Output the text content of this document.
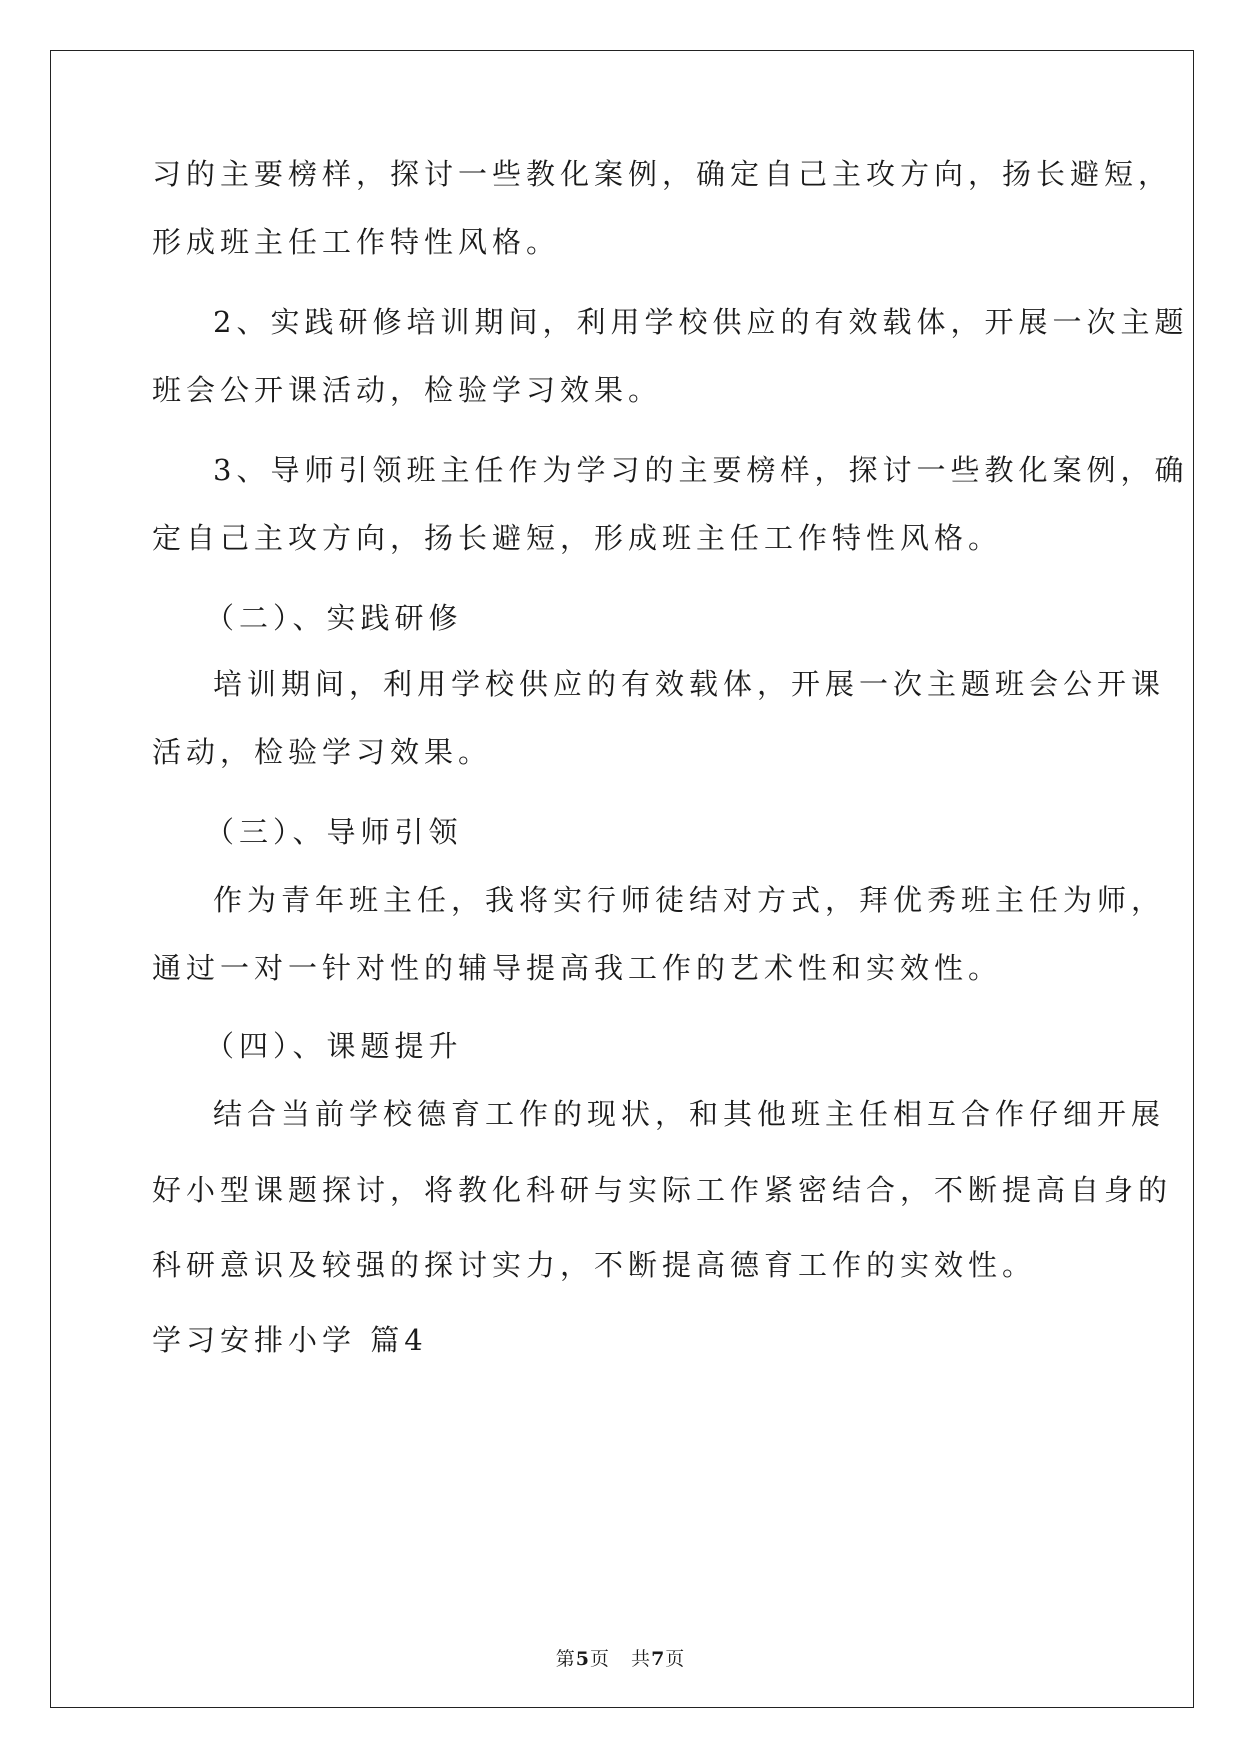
习的主要榜样，探讨一些教化案例，确定自己主攻方向，扬长避短，
形成班主任工作特性风格。
2、实践研修培训期间，利用学校供应的有效载体，开展一次主题
班会公开课活动，检验学习效果。
3、导师引领班主任作为学习的主要榜样，探讨一些教化案例，确
定自己主攻方向，扬长避短，形成班主任工作特性风格。
（二）、实践研修
培训期间，利用学校供应的有效载体，开展一次主题班会公开课
活动，检验学习效果。
（三）、导师引领
作为青年班主任，我将实行师徒结对方式，拜优秀班主任为师，
通过一对一针对性的辅导提高我工作的艺术性和实效性。
（四）、课题提升
结合当前学校德育工作的现状，和其他班主任相互合作仔细开展
好小型课题探讨，将教化科研与实际工作紧密结合，不断提高自身的
科研意识及较强的探讨实力，不断提高德育工作的实效性。
学习安排小学 篇4
第5页   共7页
